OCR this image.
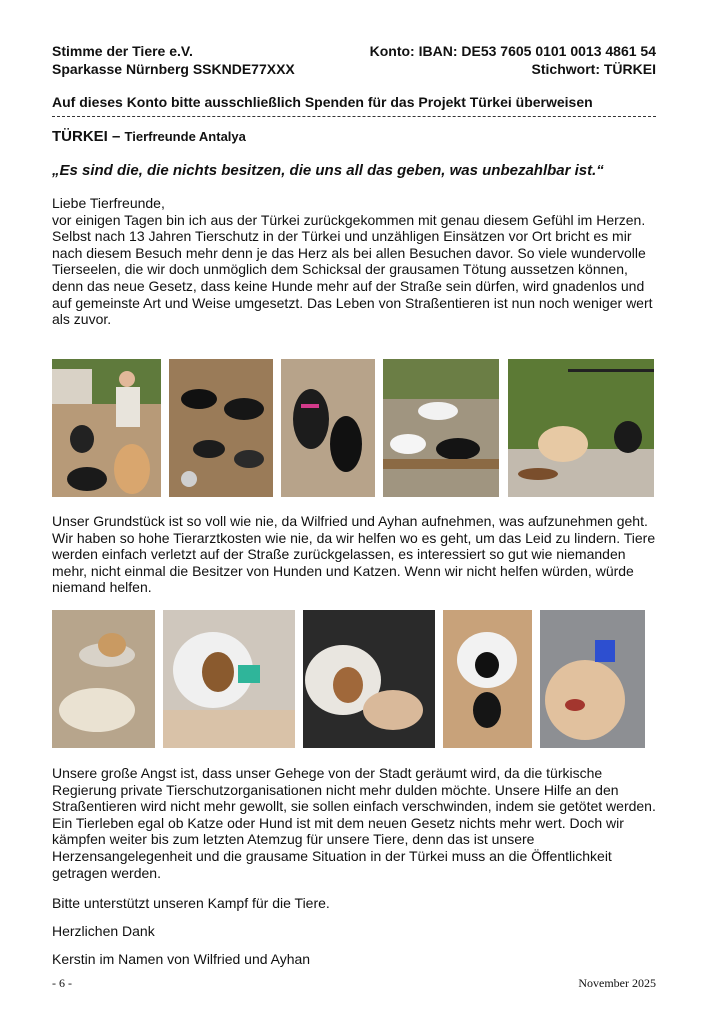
Stimme der Tiere e.V.	Konto: IBAN: DE53 7605 0101 0013 4861 54
Sparkasse Nürnberg SSKNDE77XXX	Stichwort: TÜRKEI
Auf dieses Konto bitte ausschließlich Spenden für das Projekt Türkei überweisen
TÜRKEI – Tierfreunde Antalya
„Es sind die, die nichts besitzen, die uns all das geben, was unbezahlbar ist.“
Liebe Tierfreunde,
vor einigen Tagen bin ich aus der Türkei zurückgekommen mit genau diesem Gefühl im Herzen.
Selbst nach 13 Jahren Tierschutz in der Türkei und unzähligen Einsätzen vor Ort bricht es mir nach diesem Besuch mehr denn je das Herz als bei allen Besuchen davor. So viele wundervolle Tierseelen, die wir doch unmöglich dem Schicksal der grausamen Tötung aussetzen können, denn das neue Gesetz, dass keine Hunde mehr auf der Straße sein dürfen, wird gnadenlos und auf gemeinste Art und Weise umgesetzt. Das Leben von Straßentieren ist nun noch weniger wert als zuvor.
Unser Grundstück ist so voll wie nie, da Wilfried und Ayhan aufnehmen, was aufzunehmen geht. Wir haben so hohe Tierarztkosten wie nie, da wir helfen wo es geht, um das Leid zu lindern. Tiere werden einfach verletzt auf der Straße zurückgelassen, es interessiert so gut wie niemanden mehr, nicht einmal die Besitzer von Hunden und Katzen. Wenn wir nicht helfen würden, würde niemand helfen.
Unsere große Angst ist, dass unser Gehege von der Stadt geräumt wird, da die türkische Regierung private Tierschutzorganisationen nicht mehr dulden möchte. Unsere Hilfe an den Straßentieren wird nicht mehr gewollt, sie sollen einfach verschwinden, indem sie getötet werden. Ein Tierleben egal ob Katze oder Hund ist mit dem neuen Gesetz nichts mehr wert. Doch wir kämpfen weiter bis zum letzten Atemzug für unsere Tiere, denn das ist unsere Herzensangelegenheit und die grausame Situation in der Türkei muss an die Öffentlichkeit getragen werden.
Bitte unterstützt unseren Kampf für die Tiere.
Herzlichen Dank
Kerstin im Namen von Wilfried und Ayhan
- 6 -	November 2025
